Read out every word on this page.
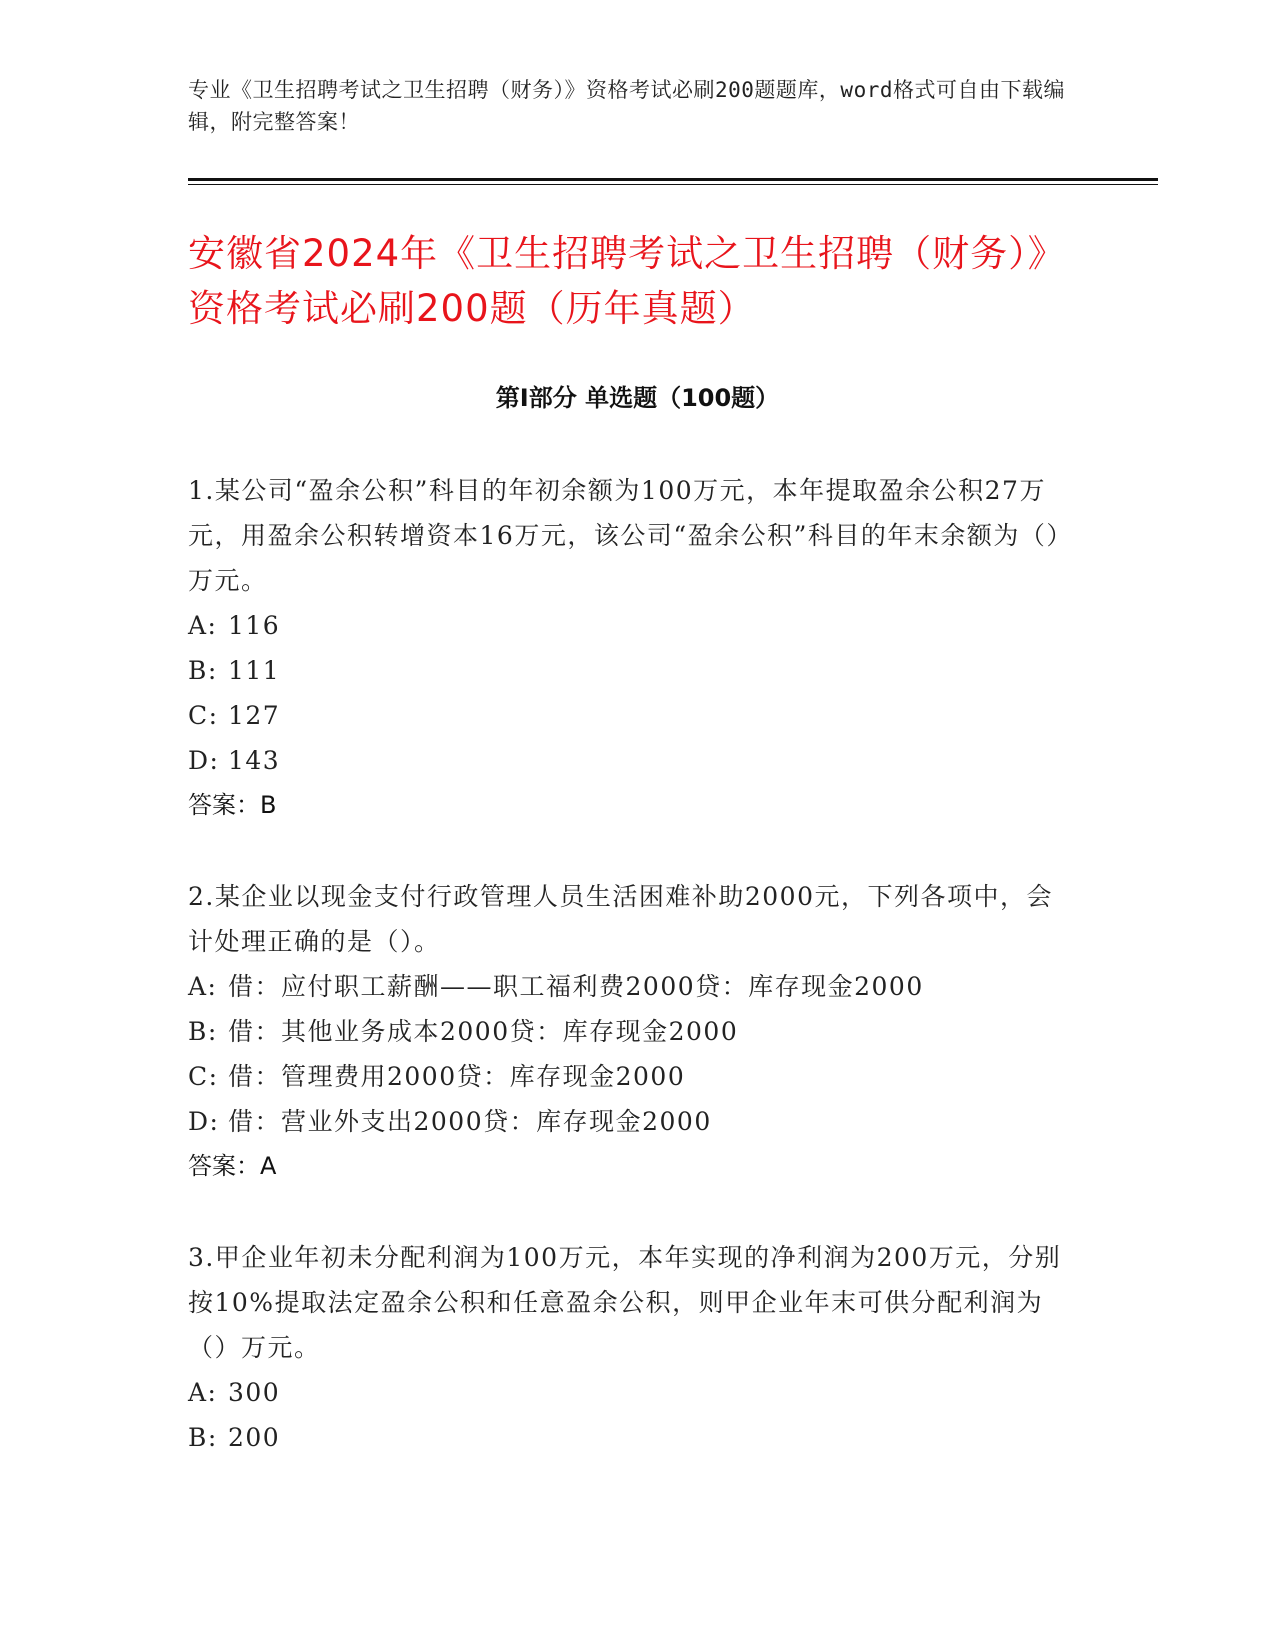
专业《卫生招聘考试之卫生招聘（财务）》资格考试必刷200题题库，word格式可自由下载编辑，附完整答案！
安徽省2024年《卫生招聘考试之卫生招聘（财务）》资格考试必刷200题（历年真题）
第I部分 单选题（100题）

1.某公司“盈余公积”科目的年初余额为100万元，本年提取盈余公积27万元，用盈余公积转增资本16万元，该公司“盈余公积”科目的年末余额为（）万元。

A: 116

B: 111

C: 127

D: 143

答案：B

2.某企业以现金支付行政管理人员生活困难补助2000元，下列各项中，会计处理正确的是（）。

A: 借：应付职工薪酬——职工福利费2000贷：库存现金2000

B: 借：其他业务成本2000贷：库存现金2000

C: 借：管理费用2000贷：库存现金2000

D: 借：营业外支出2000贷：库存现金2000

答案：A

3.甲企业年初未分配利润为100万元，本年实现的净利润为200万元，分别按10%提取法定盈余公积和任意盈余公积，则甲企业年末可供分配利润为（）万元。

A: 300

B: 200
